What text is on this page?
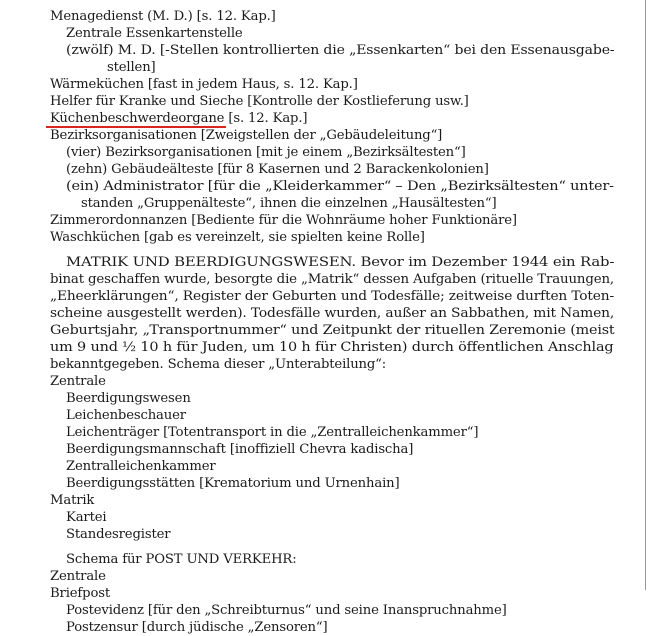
Menagedienst (M. D.) [s. 12. Kap.]
Zentrale Essenkartenstelle
(zwölf) M. D. [-Stellen kontrollierten die „Essenkarten“ bei den Essenausgabe-
stellen]
Wärmeküchen [fast in jedem Haus, s. 12. Kap.]
Helfer für Kranke und Sieche [Kontrolle der Kostlieferung usw.]
Küchenbeschwerdeorgane [s. 12. Kap.]
Bezirksorganisationen [Zweigstellen der „Gebäudeleitung“]
(vier) Bezirksorganisationen [mit je einem „Bezirksältesten“]
(zehn) Gebäudeälteste [für 8 Kasernen und 2 Barackenkolonien]
(ein) Administrator [für die „Kleiderkammer“ – Den „Bezirksältesten“ unter-
standen „Gruppenälteste“, ihnen die einzelnen „Hausältesten“]
Zimmerordonnanzen [Bediente für die Wohnräume hoher Funktionäre]
Waschküchen [gab es vereinzelt, sie spielten keine Rolle]
MATRIK UND BEERDIGUNGSWESEN. Bevor im Dezember 1944 ein Rab-
binat geschaffen wurde, besorgte die „Matrik“ dessen Aufgaben (rituelle Trauungen,
„Eheerklärungen“, Register der Geburten und Todesfälle; zeitweise durften Toten-
scheine ausgestellt werden). Todesfälle wurden, außer an Sabbathen, mit Namen,
Geburtsjahr, „Transportnummer“ und Zeitpunkt der rituellen Zeremonie (meist
um 9 und ½ 10 h für Juden, um 10 h für Christen) durch öffentlichen Anschlag
bekanntgegeben. Schema dieser „Unterabteilung“:
Zentrale
Beerdigungswesen
Leichenbeschauer
Leichenträger [Totentransport in die „Zentralleichenkammer“]
Beerdigungsmannschaft [inoffiziell Chevra kadischa]
Zentralleichenkammer
Beerdigungsstätten [Krematorium und Urnenhain]
Matrik
Kartei
Standesregister
Schema für POST UND VERKEHR:
Zentrale
Briefpost
Postevidenz [für den „Schreibturnus“ und seine Inanspruchnahme]
Postzensur [durch jüdische „Zensoren“]
